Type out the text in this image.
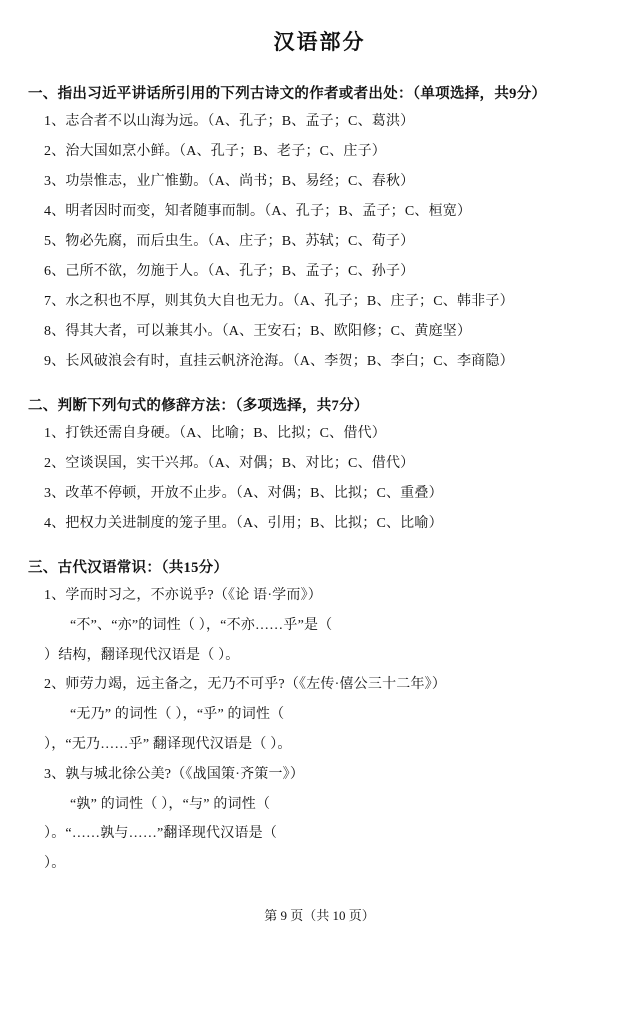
汉语部分
一、指出习近平讲话所引用的下列古诗文的作者或者出处：（单项选择，共9分）
1、志合者不以山海为远。（A、孔子；B、孟子；C、葛洪）
2、治大国如烹小鲜。（A、孔子；B、老子；C、庄子）
3、功崇惟志，业广惟勤。（A、尚书；B、易经；C、春秋）
4、明者因时而变，知者随事而制。（A、孔子；B、孟子；C、桓宽）
5、物必先腐，而后虫生。（A、庄子；B、苏轼；C、荀子）
6、己所不欲，勿施于人。（A、孔子；B、孟子；C、孙子）
7、水之积也不厚，则其负大自也无力。（A、孔子；B、庄子；C、韩非子）
8、得其大者，可以兼其小。（A、王安石；B、欧阳修；C、黄庭坚）
9、长风破浪会有时，直挂云帆济沧海。（A、李贺；B、李白；C、李商隐）
二、判断下列句式的修辞方法：（多项选择，共7分）
1、打铁还需自身硬。（A、比喻；B、比拟；C、借代）
2、空谈误国，实干兴邦。（A、对偶；B、对比；C、借代）
3、改革不停顿，开放不止步。（A、对偶；B、比拟；C、重叠）
4、把权力关进制度的笼子里。（A、引用；B、比拟；C、比喻）
三、古代汉语常识：（共15分）
1、学而时习之，不亦说乎?（《论 语·学而》）
“不”、“亦”的词性（ ），“不亦……乎”是（
）结构，翻译现代汉语是（ ）。
2、师劳力竭，远主备之，无乃不可乎?（《左传·僖公三十二年》）
“无乃” 的词性（ ），“乎” 的词性（
），“无乃……乎” 翻译现代汉语是（ ）。
3、孰与城北徐公美?（《战国策·齐策一》）
“孰” 的词性（ ），“与” 的词性（
）。“……孰与……”翻译现代汉语是（
）。
第 9 页（共 10 页）
